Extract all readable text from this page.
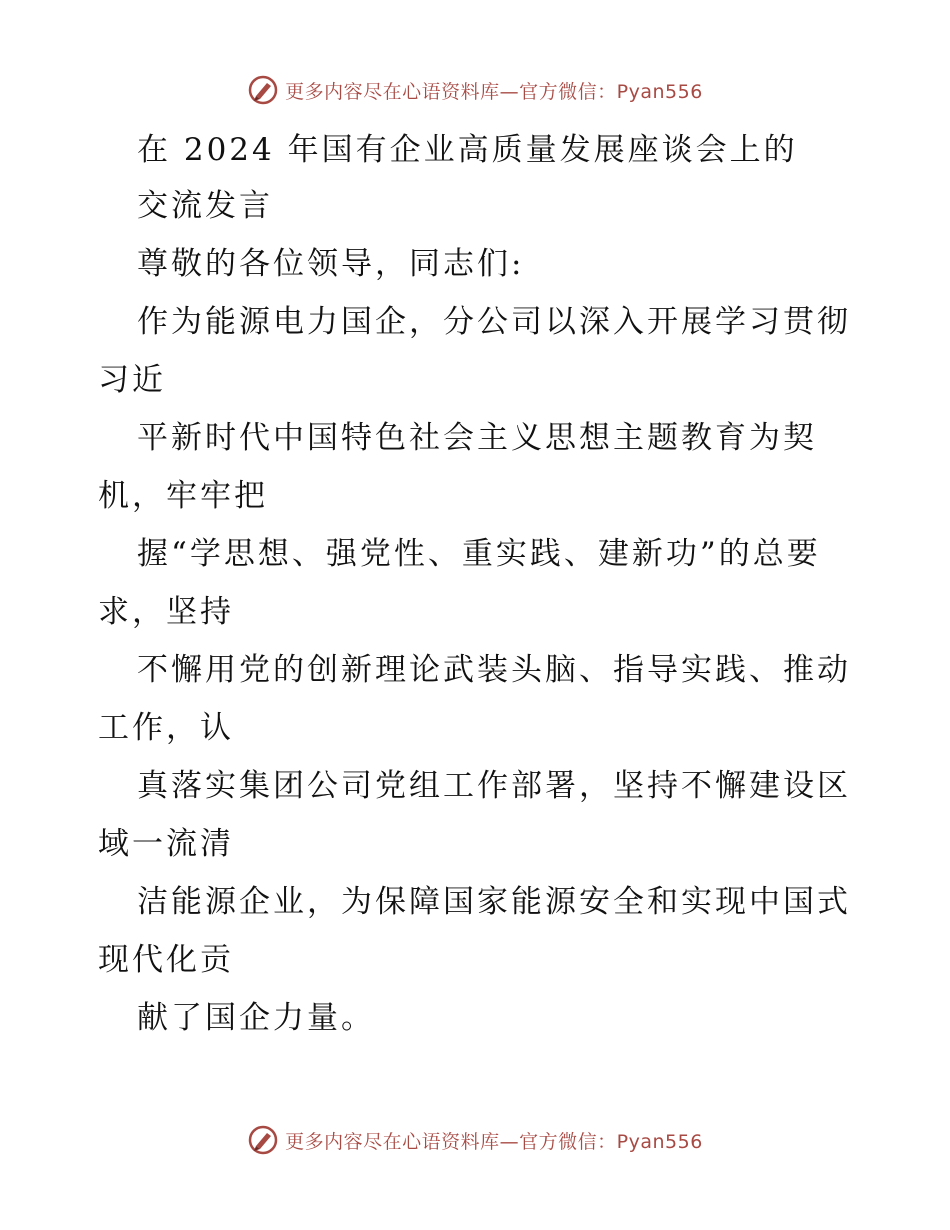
更多内容尽在心语资料库—官方微信：Pyan556
在 2024 年国有企业高质量发展座谈会上的
交流发言
尊敬的各位领导，同志们:
作为能源电力国企，分公司以深入开展学习贯彻
习近
平新时代中国特色社会主义思想主题教育为契
机，牢牢把
握“学思想、强党性、重实践、建新功”的总要
求，坚持
不懈用党的创新理论武装头脑、指导实践、推动
工作，认
真落实集团公司党组工作部署，坚持不懈建设区
域一流清
洁能源企业，为保障国家能源安全和实现中国式
现代化贡
献了国企力量。
更多内容尽在心语资料库—官方微信：Pyan556
